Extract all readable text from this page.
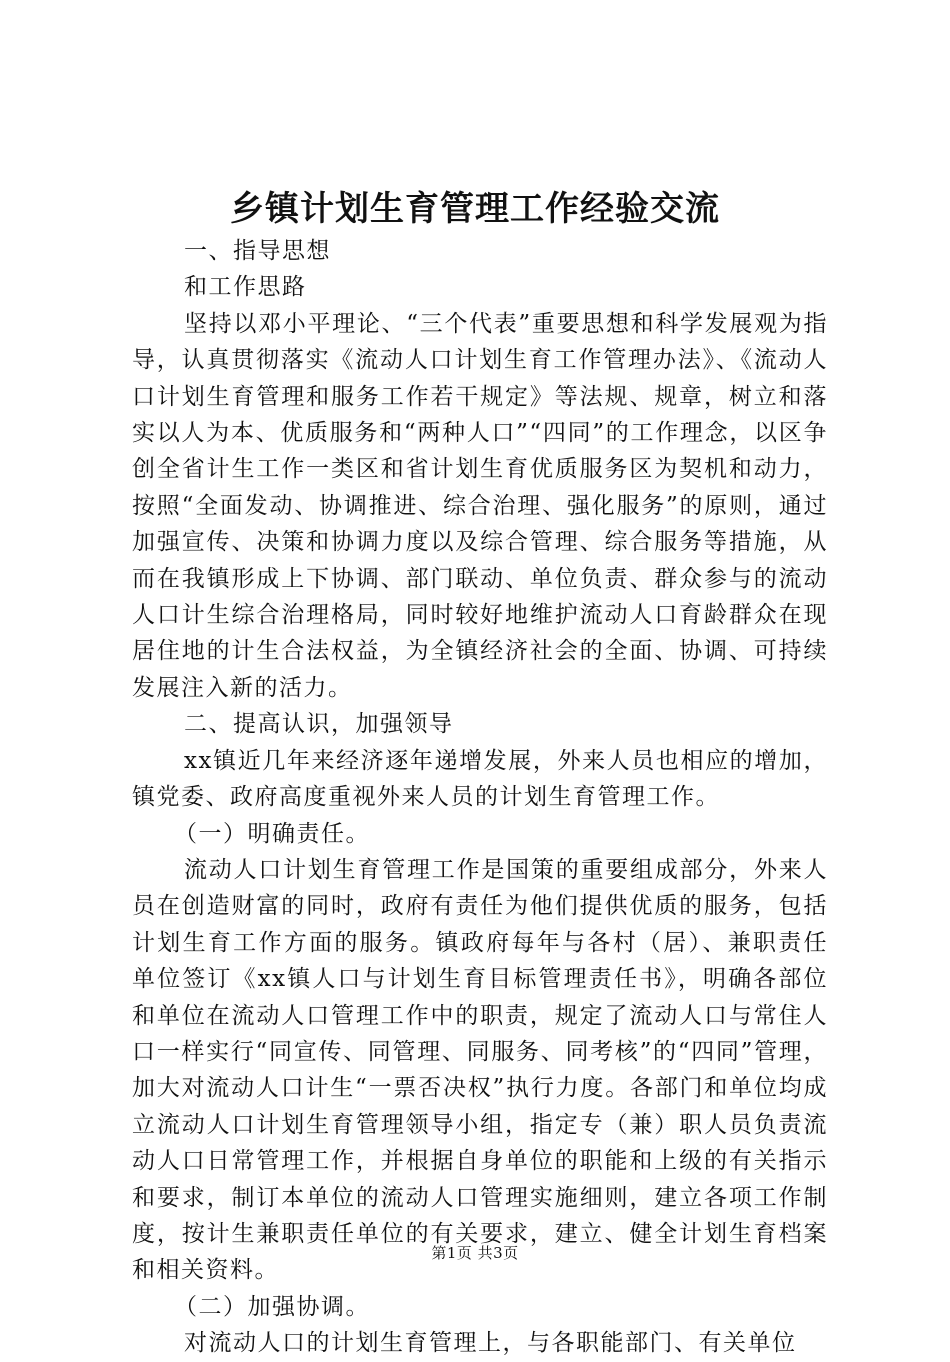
乡镇计划生育管理工作经验交流

一、指导思想

和工作思路

坚持以邓小平理论、“三个代表”重要思想和科学发展观为指导，认真贯彻落实《流动人口计划生育工作管理办法》、《流动人口计划生育管理和服务工作若干规定》等法规、规章，树立和落实以人为本、优质服务和“两种人口”“四同”的工作理念，以区争创全省计生工作一类区和省计划生育优质服务区为契机和动力，按照“全面发动、协调推进、综合治理、强化服务”的原则，通过加强宣传、决策和协调力度以及综合管理、综合服务等措施，从而在我镇形成上下协调、部门联动、单位负责、群众参与的流动人口计生综合治理格局，同时较好地维护流动人口育龄群众在现居住地的计生合法权益，为全镇经济社会的全面、协调、可持续发展注入新的活力。

二、提高认识，加强领导

xx镇近几年来经济逐年递增发展，外来人员也相应的增加，镇党委、政府高度重视外来人员的计划生育管理工作。

（一）明确责任。

流动人口计划生育管理工作是国策的重要组成部分，外来人员在创造财富的同时，政府有责任为他们提供优质的服务，包括计划生育工作方面的服务。镇政府每年与各村（居）、兼职责任单位签订《xx镇人口与计划生育目标管理责任书》，明确各部位和单位在流动人口管理工作中的职责，规定了流动人口与常住人口一样实行“同宣传、同管理、同服务、同考核”的“四同”管理，加大对流动人口计生“一票否决权”执行力度。各部门和单位均成立流动人口计划生育管理领导小组，指定专（兼）职人员负责流动人口日常管理工作，并根据自身单位的职能和上级的有关指示和要求，制订本单位的流动人口管理实施细则，建立各项工作制度，按计生兼职责任单位的有关要求，建立、健全计划生育档案和相关资料。

（二）加强协调。

对流动人口的计划生育管理上，与各职能部门、有关单位

第1页 共3页
